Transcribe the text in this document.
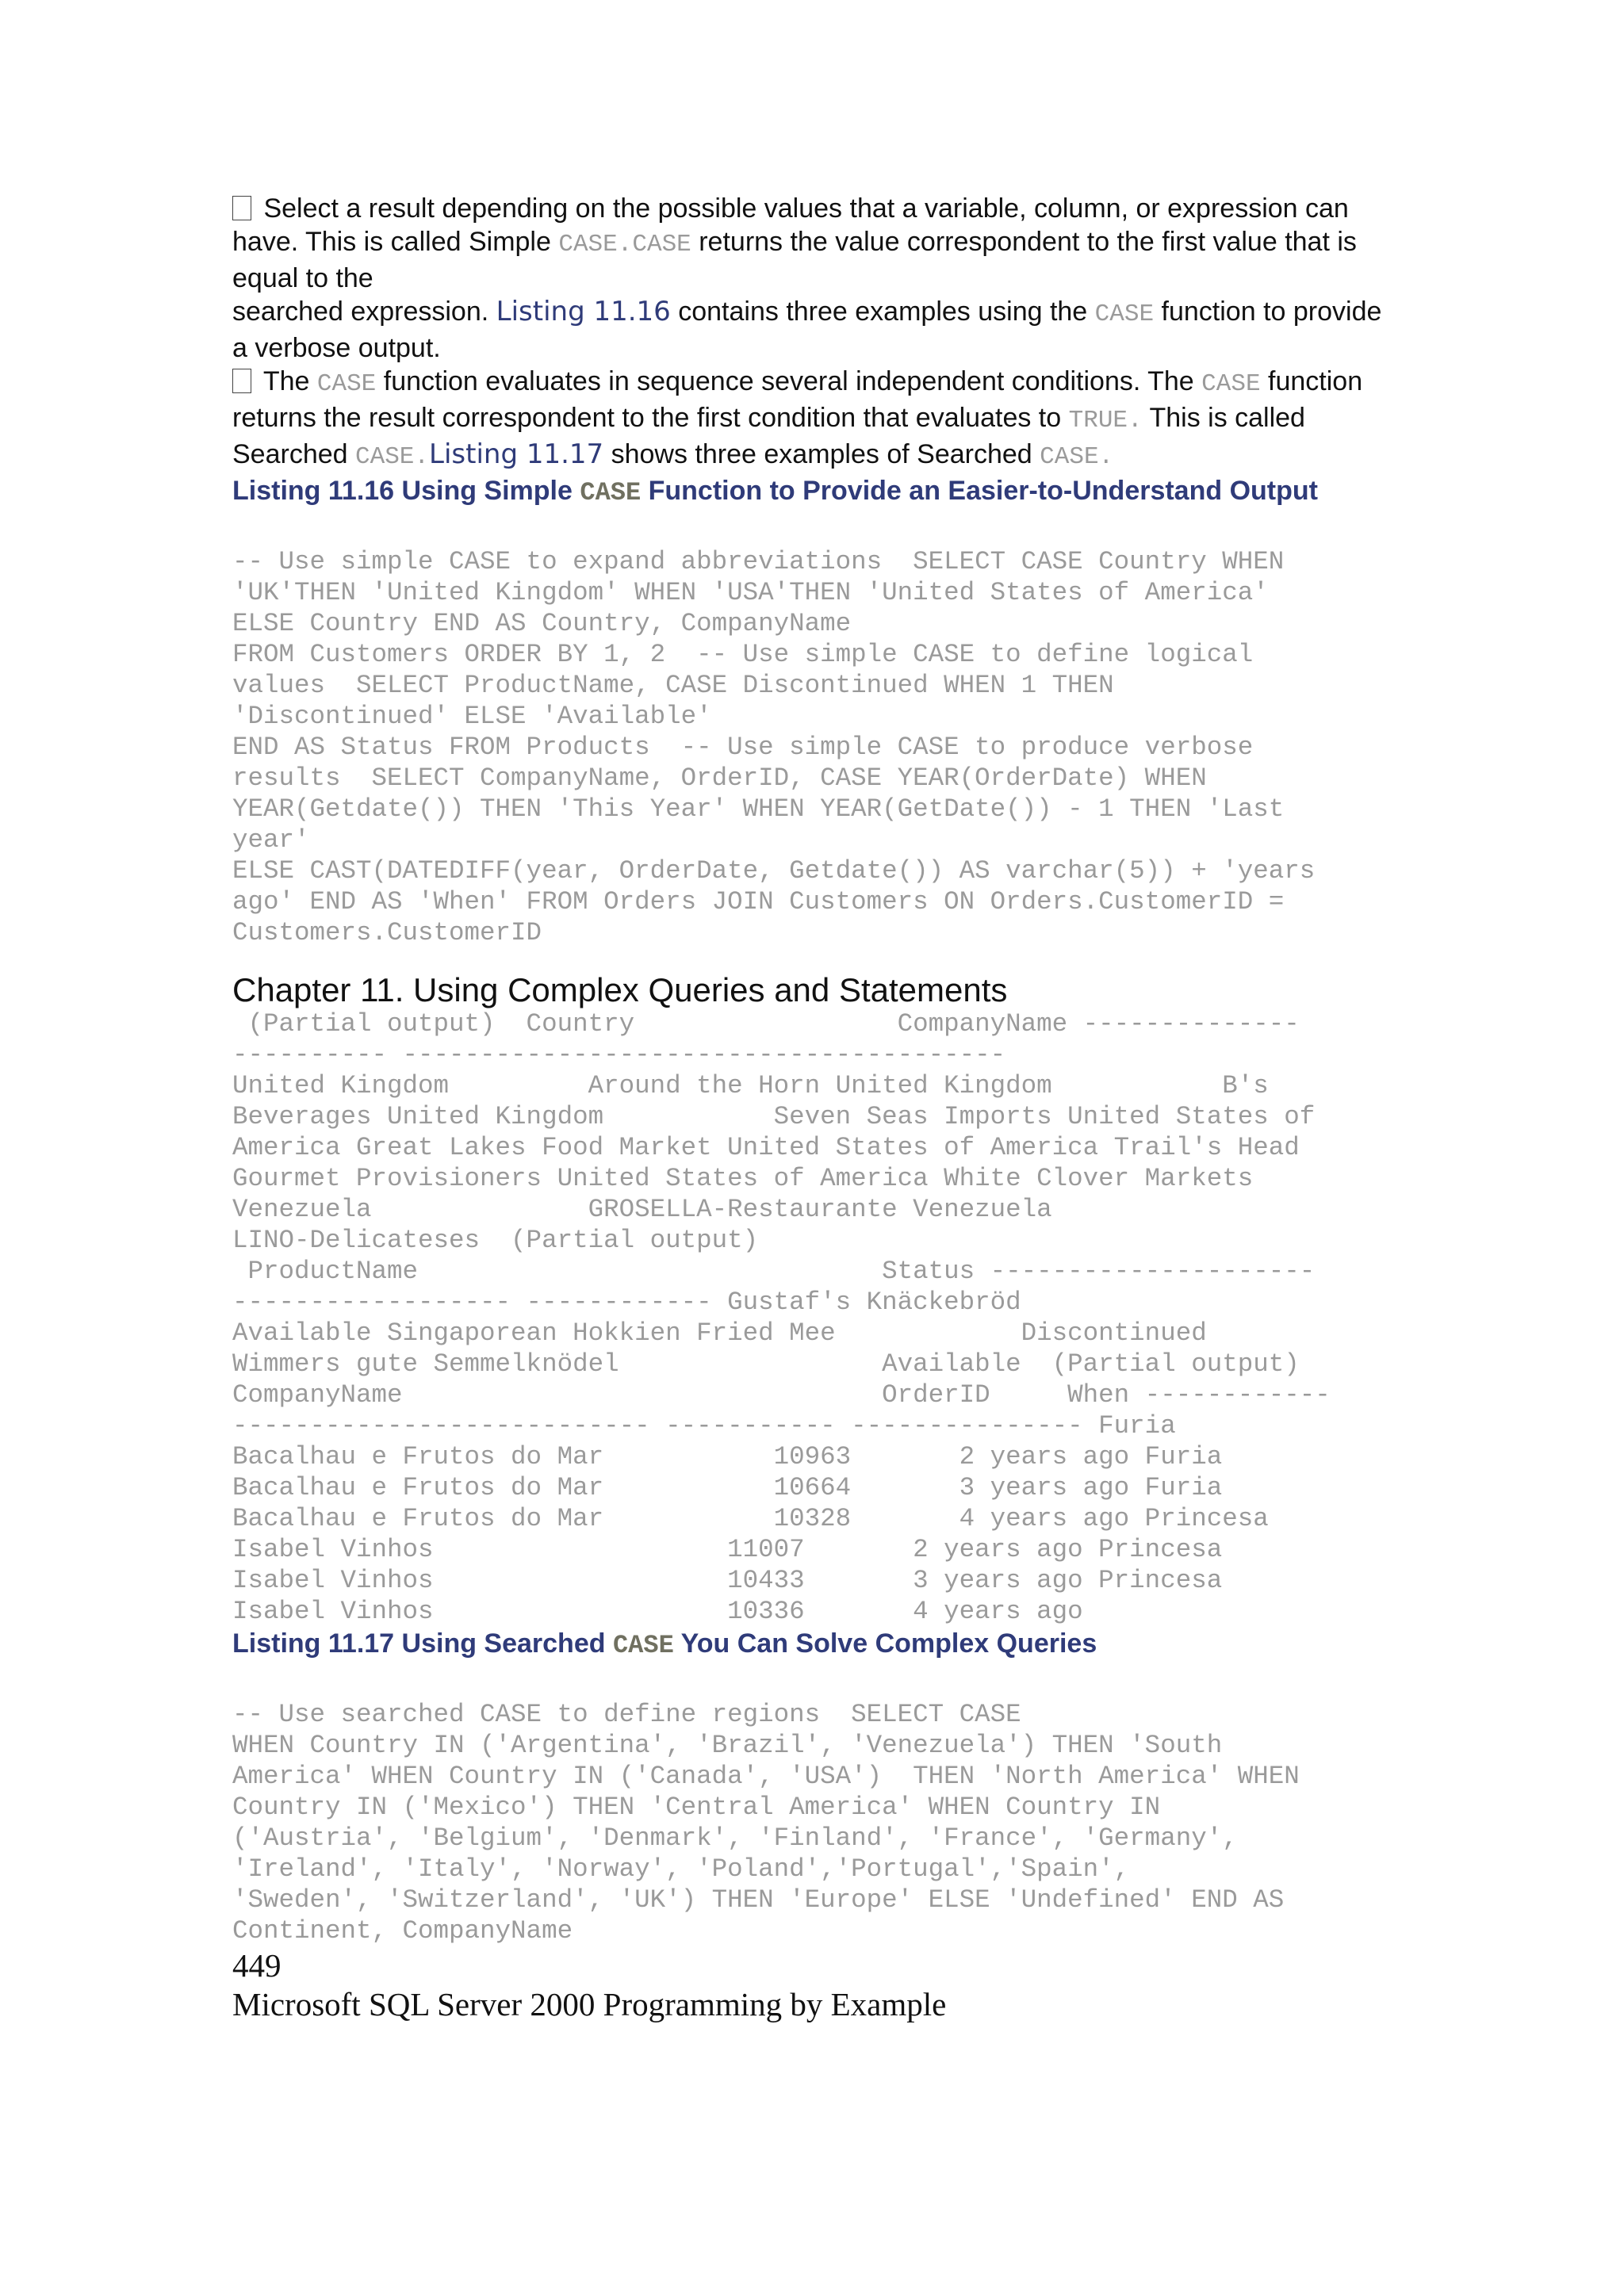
Select a result depending on the possible values that a variable, column, or expression can have. This is called Simple CASE.CASE returns the value correspondent to the first value that is equal to the
searched expression. Listing 11.16 contains three examples using the CASE function to provide a verbose output.

The CASE function evaluates in sequence several independent conditions. The CASE function returns the result correspondent to the first condition that evaluates to TRUE. This is called Searched CASE.Listing 11.17 shows three examples of Searched CASE.

Listing 11.16 Using Simple CASE Function to Provide an Easier-to-Understand Output

-- Use simple CASE to expand abbreviations  SELECT CASE Country WHEN
'UK'THEN 'United Kingdom' WHEN 'USA'THEN 'United States of America'
ELSE Country END AS Country, CompanyName
FROM Customers ORDER BY 1, 2  -- Use simple CASE to define logical
values  SELECT ProductName, CASE Discontinued WHEN 1 THEN
'Discontinued' ELSE 'Available'
END AS Status FROM Products  -- Use simple CASE to produce verbose
results  SELECT CompanyName, OrderID, CASE YEAR(OrderDate) WHEN
YEAR(Getdate()) THEN 'This Year' WHEN YEAR(GetDate()) - 1 THEN 'Last
year'
ELSE CAST(DATEDIFF(year, OrderDate, Getdate()) AS varchar(5)) + 'years
ago' END AS 'When' FROM Orders JOIN Customers ON Orders.CustomerID =
Customers.CustomerID

Chapter 11. Using Complex Queries and Statements

(Partial output)  Country                 CompanyName --------------
---------- ---------------------------------------
United Kingdom         Around the Horn United Kingdom           B's
Beverages United Kingdom           Seven Seas Imports United States of
America Great Lakes Food Market United States of America Trail's Head
Gourmet Provisioners United States of America White Clover Markets
Venezuela              GROSELLA-Restaurante Venezuela
LINO-Delicateses  (Partial output)
ProductName                              Status ---------------------
------------------ ------------ Gustaf's Knäckebröd
Available Singaporean Hokkien Fried Mee            Discontinued
Wimmers gute Semmelknödel                 Available  (Partial output)
CompanyName                               OrderID     When ------------
--------------------------- ----------- --------------- Furia
Bacalhau e Frutos do Mar           10963       2 years ago Furia
Bacalhau e Frutos do Mar           10664       3 years ago Furia
Bacalhau e Frutos do Mar           10328       4 years ago Princesa
Isabel Vinhos                   11007       2 years ago Princesa
Isabel Vinhos                   10433       3 years ago Princesa
Isabel Vinhos                   10336       4 years ago

Listing 11.17 Using Searched CASE You Can Solve Complex Queries

-- Use searched CASE to define regions  SELECT CASE
WHEN Country IN ('Argentina', 'Brazil', 'Venezuela') THEN 'South
America' WHEN Country IN ('Canada', 'USA')  THEN 'North America' WHEN
Country IN ('Mexico') THEN 'Central America' WHEN Country IN
('Austria', 'Belgium', 'Denmark', 'Finland', 'France', 'Germany',
'Ireland', 'Italy', 'Norway', 'Poland','Portugal','Spain',
'Sweden', 'Switzerland', 'UK') THEN 'Europe' ELSE 'Undefined' END AS
Continent, CompanyName

449

Microsoft SQL Server 2000 Programming by Example
